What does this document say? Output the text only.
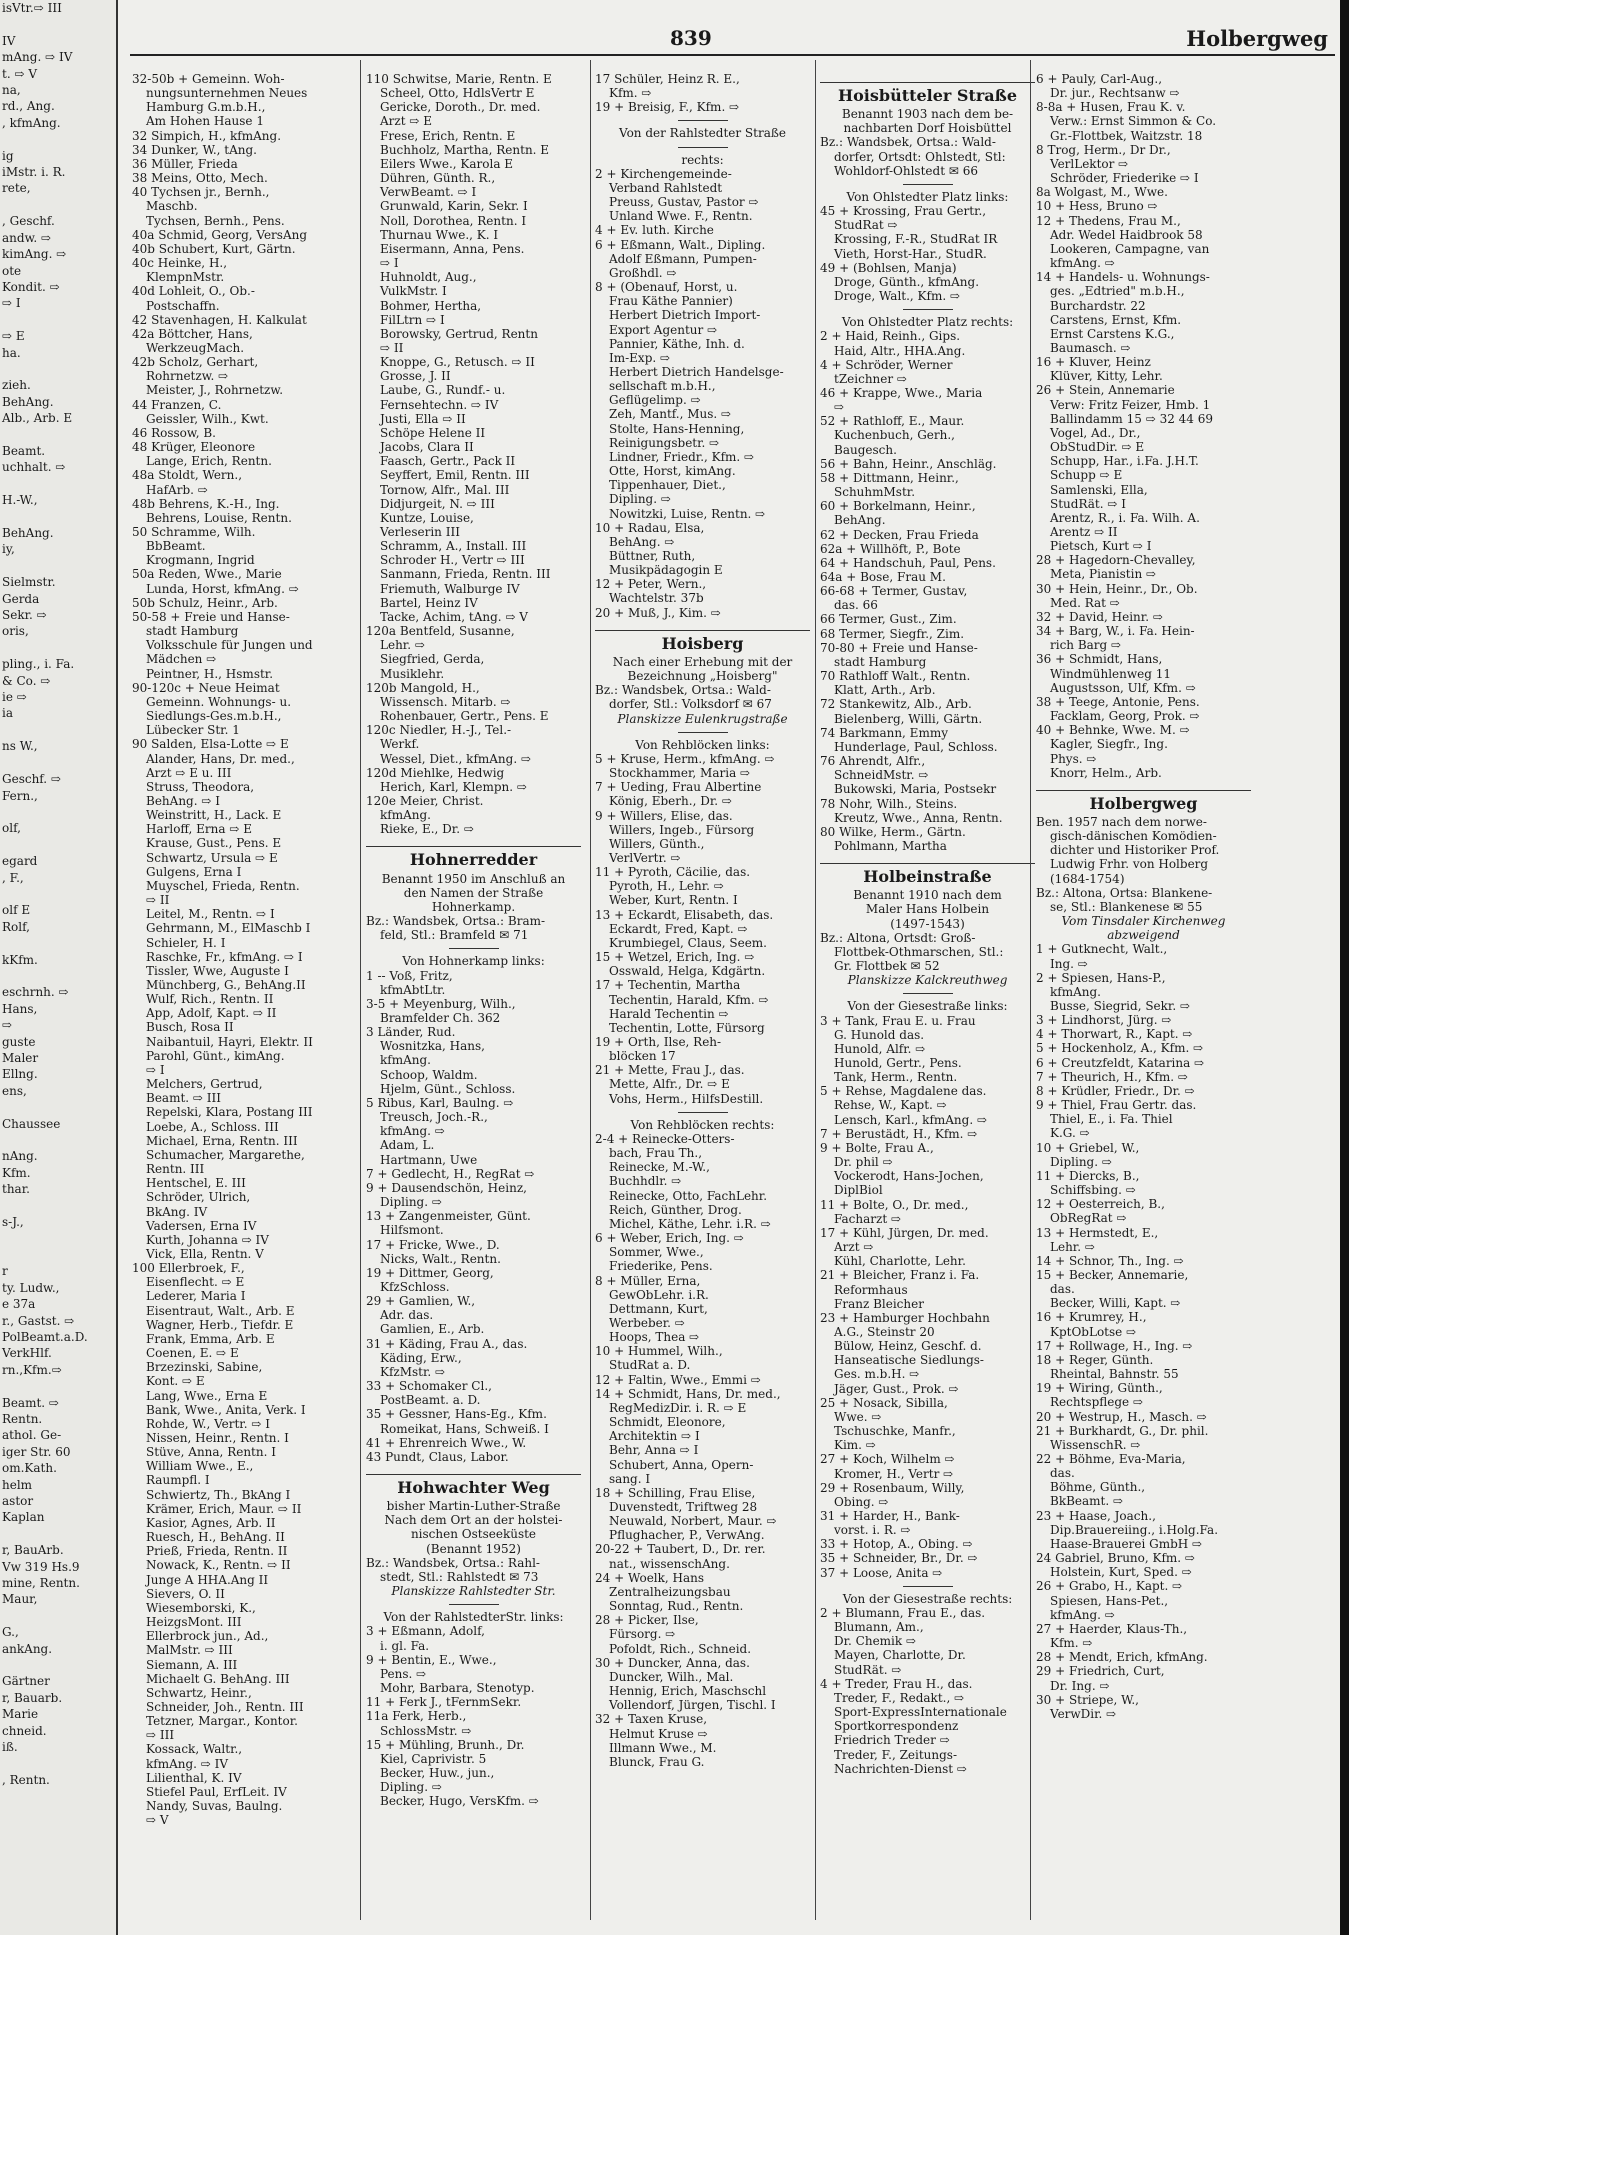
isVtr.⇨ III

IV
mAng. ⇨ IV
t. ⇨ V
na,
rd., Ang.
, kfmAng.

ig
iMstr. i. R.
rete,

, Geschf.
andw. ⇨
kimAng. ⇨
ote
Kondit. ⇨
⇨ I

⇨ E
ha.

zieh.
BehAng.
Alb., Arb. E

Beamt.
uchhalt. ⇨

H.-W.,

BehAng.
iy,

Sielmstr.
Gerda
Sekr. ⇨
oris,

pling., i. Fa.
& Co. ⇨
ie ⇨
ia

ns W.,

Geschf. ⇨
Fern.,

olf,

egard
, F.,

olf E
Rolf,

kKfm.

eschrnh. ⇨
Hans,
⇨
guste
Maler
Ellng.
ens,

Chaussee

nAng.
Kfm.
thar.

s-J.,

r
ty. Ludw.,
e 37a
r., Gastst. ⇨
PolBeamt.a.D.
VerkHlf.
rn.,Kfm.⇨

Beamt. ⇨
Rentn.
athol. Ge-
iger Str. 60
om.Kath.
helm
astor
Kaplan

r, BauArb.
Vw 319 Hs.9
mine, Rentn.
Maur,

G.,
ankAng.

Gärtner
r, Bauarb.
Marie
chneid.
iß.

, Rentn.
839	Holbergweg
32-50b + Gemeinn. Woh-
nungsunternehmen Neues
Hamburg G.m.b.H.,
Am Hohen Hause 1
32 Simpich, H., kfmAng.
34 Dunker, W., tAng.
36 Müller, Frieda
38 Meins, Otto, Mech.
40 Tychsen jr., Bernh.,
Maschb.
Tychsen, Bernh., Pens.
40a Schmid, Georg, VersAng
40b Schubert, Kurt, Gärtn.
40c Heinke, H.,
KlempnMstr.
40d Lohleit, O., Ob.-
Postschaffn.
42 Stavenhagen, H. Kalkulat
42a Böttcher, Hans,
WerkzeugMach.
42b Scholz, Gerhart,
Rohrnetzw. ⇨
Meister, J., Rohrnetzw.
44 Franzen, C.
Geissler, Wilh., Kwt.
46 Rossow, B.
48 Krüger, Eleonore
Lange, Erich, Rentn.
48a Stoldt, Wern.,
HafArb. ⇨
48b Behrens, K.-H., Ing.
Behrens, Louise, Rentn.
50 Schramme, Wilh.
BbBeamt.
Krogmann, Ingrid
50a Reden, Wwe., Marie
Lunda, Horst, kfmAng. ⇨
50b Schulz, Heinr., Arb.
50-58 + Freie und Hanse-
stadt Hamburg
Volksschule für Jungen und
Mädchen ⇨
Peintner, H., Hsmstr.
90-120c + Neue Heimat
Gemeinn. Wohnungs- u.
Siedlungs-Ges.m.b.H.,
Lübecker Str. 1
90 Salden, Elsa-Lotte ⇨ E
Alander, Hans, Dr. med.,
Arzt ⇨ E u. III
Struss, Theodora,
BehAng. ⇨ I
Weinstritt, H., Lack. E
Harloff, Erna ⇨ E
Krause, Gust., Pens. E
Schwartz, Ursula ⇨ E
Gulgens, Erna I
Muyschel, Frieda, Rentn.
⇨ II
Leitel, M., Rentn. ⇨ I
Gehrmann, M., ElMaschb I
Schieler, H. I
Raschke, Fr., kfmAng. ⇨ I
Tissler, Wwe, Auguste I
Münchberg, G., BehAng.II
Wulf, Rich., Rentn. II
App, Adolf, Kapt. ⇨ II
Busch, Rosa II
Naibantuil, Hayri, Elektr. II
Parohl, Günt., kimAng.
⇨ I
Melchers, Gertrud,
Beamt. ⇨ III
Repelski, Klara, Postang III
Loebe, A., Schloss. III
Michael, Erna, Rentn. III
Schumacher, Margarethe,
Rentn. III
Hentschel, E. III
Schröder, Ulrich,
BkAng. IV
Vadersen, Erna IV
Kurth, Johanna ⇨ IV
Vick, Ella, Rentn. V
100 Ellerbroek, F.,
Eisenflecht. ⇨ E
Lederer, Maria I
Eisentraut, Walt., Arb. E
Wagner, Herb., Tiefdr. E
Frank, Emma, Arb. E
Coenen, E. ⇨ E
Brzezinski, Sabine,
Kont. ⇨ E
Lang, Wwe., Erna E
Bank, Wwe., Anita, Verk. I
Rohde, W., Vertr. ⇨ I
Nissen, Heinr., Rentn. I
Stüve, Anna, Rentn. I
William Wwe., E.,
Raumpfl. I
Schwiertz, Th., BkAng I
Krämer, Erich, Maur. ⇨ II
Kasior, Agnes, Arb. II
Ruesch, H., BehAng. II
Prieß, Frieda, Rentn. II
Nowack, K., Rentn. ⇨ II
Junge A HHA.Ang II
Sievers, O. II
Wiesemborski, K.,
HeizgsMont. III
Ellerbrock jun., Ad.,
MalMstr. ⇨ III
Siemann, A. III
Michaelt G. BehAng. III
Schwartz, Heinr.,
Schneider, Joh., Rentn. III
Tetzner, Margar., Kontor.
⇨ III
Kossack, Waltr.,
kfmAng. ⇨ IV
Lilienthal, K. IV
Stiefel Paul, ErfLeit. IV
Nandy, Suvas, Baulng.
⇨ V
110 Schwitse, Marie, Rentn. E
Scheel, Otto, HdlsVertr E
Gericke, Doroth., Dr. med.
Arzt ⇨ E
Frese, Erich, Rentn. E
Buchholz, Martha, Rentn. E
Eilers Wwe., Karola E
Dühren, Günth. R.,
VerwBeamt. ⇨ I
Grunwald, Karin, Sekr. I
Noll, Dorothea, Rentn. I
Thurnau Wwe., K. I
Eisermann, Anna, Pens.
⇨ I
Huhnoldt, Aug.,
VulkMstr. I
Bohmer, Hertha,
FilLtrn ⇨ I
Borowsky, Gertrud, Rentn
⇨ II
Knoppe, G., Retusch. ⇨ II
Grosse, J. II
Laube, G., Rundf.- u.
Fernsehtechn. ⇨ IV
Justi, Ella ⇨ II
Schöpe Helene II
Jacobs, Clara II
Faasch, Gertr., Pack II
Seyffert, Emil, Rentn. III
Tornow, Alfr., Mal. III
Didjurgeit, N. ⇨ III
Kuntze, Louise,
Verleserin III
Schramm, A., Install. III
Schroder H., Vertr ⇨ III
Sanmann, Frieda, Rentn. III
Friemuth, Walburge IV
Bartel, Heinz IV
Tacke, Achim, tAng. ⇨ V
120a Bentfeld, Susanne,
Lehr. ⇨
Siegfried, Gerda,
Musiklehr.
120b Mangold, H.,
Wissensch. Mitarb. ⇨
Rohenbauer, Gertr., Pens. E
120c Niedler, H.-J., Tel.-
Werkf.
Wessel, Diet., kfmAng. ⇨
120d Miehlke, Hedwig
Herich, Karl, Klempn. ⇨
120e Meier, Christ.
kfmAng.
Rieke, E., Dr. ⇨
Hohnerredder
Benannt 1950 im Anschluß an
den Namen der Straße
Hohnerkamp.
Bz.: Wandsbek, Ortsa.: Bram-
feld, Stl.: Bramfeld ✉ 71
Von Hohnerkamp links:
1 -- Voß, Fritz,
kfmAbtLtr.
3-5 + Meyenburg, Wilh.,
Bramfelder Ch. 362
3 Länder, Rud.
Wosnitzka, Hans,
kfmAng.
Schoop, Waldm.
Hjelm, Günt., Schloss.
5 Ribus, Karl, Baulng. ⇨
Treusch, Joch.-R.,
kfmAng. ⇨
Adam, L.
Hartmann, Uwe
7 + Gedlecht, H., RegRat ⇨
9 + Dausendschön, Heinz,
Dipling. ⇨
13 + Zangenmeister, Günt.
Hilfsmont.
17 + Fricke, Wwe., D.
Nicks, Walt., Rentn.
19 + Dittmer, Georg,
KfzSchloss.
29 + Gamlien, W.,
Adr. das.
Gamlien, E., Arb.
31 + Käding, Frau A., das.
Käding, Erw.,
KfzMstr. ⇨
33 + Schomaker Cl.,
PostBeamt. a. D.
35 + Gessner, Hans-Eg., Kfm.
Romeikat, Hans, Schweiß. I
41 + Ehrenreich Wwe., W.
43 Pundt, Claus, Labor.
Hohwachter Weg
bisher Martin-Luther-Straße
Nach dem Ort an der holstei-
nischen Ostseeküste
(Benannt 1952)
Bz.: Wandsbek, Ortsa.: Rahl-
stedt, Stl.: Rahlstedt ✉ 73
Planskizze Rahlstedter Str.
Von der RahlstedterStr. links:
3 + Eßmann, Adolf,
i. gl. Fa.
9 + Bentin, E., Wwe.,
Pens. ⇨
Mohr, Barbara, Stenotyp.
11 + Ferk J., tFernmSekr.
11a Ferk, Herb.,
SchlossMstr. ⇨
15 + Mühling, Brunh., Dr.
Kiel, Caprivistr. 5
Becker, Huw., jun.,
Dipling. ⇨
Becker, Hugo, VersKfm. ⇨
17 Schüler, Heinz R. E.,
Kfm. ⇨
19 + Breisig, F., Kfm. ⇨
Von der Rahlstedter Straße
rechts:
2 + Kirchengemeinde-
Verband Rahlstedt
Preuss, Gustav, Pastor ⇨
Unland Wwe. F., Rentn.
4 + Ev. luth. Kirche
6 + Eßmann, Walt., Dipling.
Adolf Eßmann, Pumpen-
Großhdl. ⇨
8 + (Obenauf, Horst, u.
Frau Käthe Pannier)
Herbert Dietrich Import-
Export Agentur ⇨
Pannier, Käthe, Inh. d.
Im-Exp. ⇨
Herbert Dietrich Handelsge-
sellschaft m.b.H.,
Geflügelimp. ⇨
Zeh, Mantf., Mus. ⇨
Stolte, Hans-Henning,
Reinigungsbetr. ⇨
Lindner, Friedr., Kfm. ⇨
Otte, Horst, kimAng.
Tippenhauer, Diet.,
Dipling. ⇨
Nowitzki, Luise, Rentn. ⇨
10 + Radau, Elsa,
BehAng. ⇨
Büttner, Ruth,
Musikpädagogin E
12 + Peter, Wern.,
Wachtelstr. 37b
20 + Muß, J., Kim. ⇨
Hoisberg
Nach einer Erhebung mit der
Bezeichnung „Hoisberg"
Bz.: Wandsbek, Ortsa.: Wald-
dorfer, Stl.: Volksdorf ✉ 67
Planskizze Eulenkrugstraße
Von Rehblöcken links:
5 + Kruse, Herm., kfmAng. ⇨
Stockhammer, Maria ⇨
7 + Ueding, Frau Albertine
König, Eberh., Dr. ⇨
9 + Willers, Elise, das.
Willers, Ingeb., Fürsorg
Willers, Günth.,
VerlVertr. ⇨
11 + Pyroth, Cäcilie, das.
Pyroth, H., Lehr. ⇨
Weber, Kurt, Rentn. I
13 + Eckardt, Elisabeth, das.
Eckardt, Fred, Kapt. ⇨
Krumbiegel, Claus, Seem.
15 + Wetzel, Erich, Ing. ⇨
Osswald, Helga, Kdgärtn.
17 + Techentin, Martha
Techentin, Harald, Kfm. ⇨
Harald Techentin ⇨
Techentin, Lotte, Fürsorg
19 + Orth, Ilse, Reh-
blöcken 17
21 + Mette, Frau J., das.
Mette, Alfr., Dr. ⇨ E
Vohs, Herm., HilfsDestill.
Von Rehblöcken rechts:
2-4 + Reinecke-Otters-
bach, Frau Th.,
Reinecke, M.-W.,
Buchhdlr. ⇨
Reinecke, Otto, FachLehr.
Reich, Günther, Drog.
Michel, Käthe, Lehr. i.R. ⇨
6 + Weber, Erich, Ing. ⇨
Sommer, Wwe.,
Friederike, Pens.
8 + Müller, Erna,
GewObLehr. i.R.
Dettmann, Kurt,
Werbeber. ⇨
Hoops, Thea ⇨
10 + Hummel, Wilh.,
StudRat a. D.
12 + Faltin, Wwe., Emmi ⇨
14 + Schmidt, Hans, Dr. med.,
RegMedizDir. i. R. ⇨ E
Schmidt, Eleonore,
Architektin ⇨ I
Behr, Anna ⇨ I
Schubert, Anna, Opern-
sang. I
18 + Schilling, Frau Elise,
Duvenstedt, Triftweg 28
Neuwald, Norbert, Maur. ⇨
Pflughacher, P., VerwAng.
20-22 + Taubert, D., Dr. rer.
nat., wissenschAng.
24 + Woelk, Hans
Zentralheizungsbau
Sonntag, Rud., Rentn.
28 + Picker, Ilse,
Fürsorg. ⇨
Pofoldt, Rich., Schneid.
30 + Duncker, Anna, das.
Duncker, Wilh., Mal.
Hennig, Erich, Maschschl
Vollendorf, Jürgen, Tischl. I
32 + Taxen Kruse,
Helmut Kruse ⇨
Illmann Wwe., M.
Blunck, Frau G.
Hoisbütteler Straße
Benannt 1903 nach dem be-
nachbarten Dorf Hoisbüttel
Bz.: Wandsbek, Ortsa.: Wald-
dorfer, Ortsdt: Ohlstedt, Stl:
Wohldorf-Ohlstedt ✉ 66
Von Ohlstedter Platz links:
45 + Krossing, Frau Gertr.,
StudRat ⇨
Krossing, F.-R., StudRat IR
Vieth, Horst-Har., StudR.
49 + (Bohlsen, Manja)
Droge, Günth., kfmAng.
Droge, Walt., Kfm. ⇨
Von Ohlstedter Platz rechts:
2 + Haid, Reinh., Gips.
Haid, Altr., HHA.Ang.
4 + Schröder, Werner
tZeichner ⇨
46 + Krappe, Wwe., Maria
⇨
52 + Rathloff, E., Maur.
Kuchenbuch, Gerh.,
Baugesch.
56 + Bahn, Heinr., Anschläg.
58 + Dittmann, Heinr.,
SchuhmMstr.
60 + Borkelmann, Heinr.,
BehAng.
62 + Decken, Frau Frieda
62a + Willhöft, P., Bote
64 + Handschuh, Paul, Pens.
64a + Bose, Frau M.
66-68 + Termer, Gustav,
das. 66
66 Termer, Gust., Zim.
68 Termer, Siegfr., Zim.
70-80 + Freie und Hanse-
stadt Hamburg
70 Rathloff Walt., Rentn.
Klatt, Arth., Arb.
72 Stankewitz, Alb., Arb.
Bielenberg, Willi, Gärtn.
74 Barkmann, Emmy
Hunderlage, Paul, Schloss.
76 Ahrendt, Alfr.,
SchneidMstr. ⇨
Bukowski, Maria, Postsekr
78 Nohr, Wilh., Steins.
Kreutz, Wwe., Anna, Rentn.
80 Wilke, Herm., Gärtn.
Pohlmann, Martha
Holbeinstraße
Benannt 1910 nach dem
Maler Hans Holbein
(1497-1543)
Bz.: Altona, Ortsdt: Groß-
Flottbek-Othmarschen, Stl.:
Gr. Flottbek ✉ 52
Planskizze Kalckreuthweg
Von der Giesestraße links:
3 + Tank, Frau E. u. Frau
G. Hunold das.
Hunold, Alfr. ⇨
Hunold, Gertr., Pens.
Tank, Herm., Rentn.
5 + Rehse, Magdalene das.
Rehse, W., Kapt. ⇨
Lensch, Karl., kfmAng. ⇨
7 + Berustädt, H., Kfm. ⇨
9 + Bolte, Frau A.,
Dr. phil ⇨
Vockerodt, Hans-Jochen,
DiplBiol
11 + Bolte, O., Dr. med.,
Facharzt ⇨
17 + Kühl, Jürgen, Dr. med.
Arzt ⇨
Kühl, Charlotte, Lehr.
21 + Bleicher, Franz i. Fa.
Reformhaus
Franz Bleicher
23 + Hamburger Hochbahn
A.G., Steinstr 20
Bülow, Heinz, Geschf. d.
Hanseatische Siedlungs-
Ges. m.b.H. ⇨
Jäger, Gust., Prok. ⇨
25 + Nosack, Sibilla,
Wwe. ⇨
Tschuschke, Manfr.,
Kim. ⇨
27 + Koch, Wilhelm ⇨
Kromer, H., Vertr ⇨
29 + Rosenbaum, Willy,
Obing. ⇨
31 + Harder, H., Bank-
vorst. i. R. ⇨
33 + Hotop, A., Obing. ⇨
35 + Schneider, Br., Dr. ⇨
37 + Loose, Anita ⇨
Von der Giesestraße rechts:
2 + Blumann, Frau E., das.
Blumann, Am.,
Dr. Chemik ⇨
Mayen, Charlotte, Dr.
StudRät. ⇨
4 + Treder, Frau H., das.
Treder, F., Redakt., ⇨
Sport-ExpressInternationale
Sportkorrespondenz
Friedrich Treder ⇨
Treder, F., Zeitungs-
Nachrichten-Dienst ⇨
6 + Pauly, Carl-Aug.,
Dr. jur., Rechtsanw ⇨
8-8a + Husen, Frau K. v.
Verw.: Ernst Simmon & Co.
Gr.-Flottbek, Waitzstr. 18
8 Trog, Herm., Dr Dr.,
VerlLektor ⇨
Schröder, Friederike ⇨ I
8a Wolgast, M., Wwe.
10 + Hess, Bruno ⇨
12 + Thedens, Frau M.,
Adr. Wedel Haidbrook 58
Lookeren, Campagne, van
kfmAng. ⇨
14 + Handels- u. Wohnungs-
ges. „Edtried" m.b.H.,
Burchardstr. 22
Carstens, Ernst, Kfm.
Ernst Carstens K.G.,
Baumasch. ⇨
16 + Kluver, Heinz
Klüver, Kitty, Lehr.
26 + Stein, Annemarie
Verw: Fritz Feizer, Hmb. 1
Ballindamm 15 ⇨ 32 44 69
Vogel, Ad., Dr.,
ObStudDir. ⇨ E
Schupp, Har., i.Fa. J.H.T.
Schupp ⇨ E
Samlenski, Ella,
StudRät. ⇨ I
Arentz, R., i. Fa. Wilh. A.
Arentz ⇨ II
Pietsch, Kurt ⇨ I
28 + Hagedorn-Chevalley,
Meta, Pianistin ⇨
30 + Hein, Heinr., Dr., Ob.
Med. Rat ⇨
32 + David, Heinr. ⇨
34 + Barg, W., i. Fa. Hein-
rich Barg ⇨
36 + Schmidt, Hans,
Windmühlenweg 11
Augustsson, Ulf, Kfm. ⇨
38 + Teege, Antonie, Pens.
Facklam, Georg, Prok. ⇨
40 + Behnke, Wwe. M. ⇨
Kagler, Siegfr., Ing.
Phys. ⇨
Knorr, Helm., Arb.
Holbergweg
Ben. 1957 nach dem norwe-
gisch-dänischen Komödien-
dichter und Historiker Prof.
Ludwig Frhr. von Holberg
(1684-1754)
Bz.: Altona, Ortsa: Blankene-
se, Stl.: Blankenese ✉ 55
Vom Tinsdaler Kirchenweg
abzweigend
1 + Gutknecht, Walt.,
Ing. ⇨
2 + Spiesen, Hans-P.,
kfmAng.
Busse, Siegrid, Sekr. ⇨
3 + Lindhorst, Jürg. ⇨
4 + Thorwart, R., Kapt. ⇨
5 + Hockenholz, A., Kfm. ⇨
6 + Creutzfeldt, Katarina ⇨
7 + Theurich, H., Kfm. ⇨
8 + Krüdler, Friedr., Dr. ⇨
9 + Thiel, Frau Gertr. das.
Thiel, E., i. Fa. Thiel
K.G. ⇨
10 + Griebel, W.,
Dipling. ⇨
11 + Diercks, B.,
Schiffsbing. ⇨
12 + Oesterreich, B.,
ObRegRat ⇨
13 + Hermstedt, E.,
Lehr. ⇨
14 + Schnor, Th., Ing. ⇨
15 + Becker, Annemarie,
das.
Becker, Willi, Kapt. ⇨
16 + Krumrey, H.,
KptObLotse ⇨
17 + Rollwage, H., Ing. ⇨
18 + Reger, Günth.
Rheintal, Bahnstr. 55
19 + Wiring, Günth.,
Rechtspflege ⇨
20 + Westrup, H., Masch. ⇨
21 + Burkhardt, G., Dr. phil.
WissenschR. ⇨
22 + Böhme, Eva-Maria,
das.
Böhme, Günth.,
BkBeamt. ⇨
23 + Haase, Joach.,
Dip.Brauereiing., i.Holg.Fa.
Haase-Brauerei GmbH ⇨
24 Gabriel, Bruno, Kfm. ⇨
Holstein, Kurt, Sped. ⇨
26 + Grabo, H., Kapt. ⇨
Spiesen, Hans-Pet.,
kfmAng. ⇨
27 + Haerder, Klaus-Th.,
Kfm. ⇨
28 + Mendt, Erich, kfmAng.
29 + Friedrich, Curt,
Dr. Ing. ⇨
30 + Striepe, W.,
VerwDir. ⇨
